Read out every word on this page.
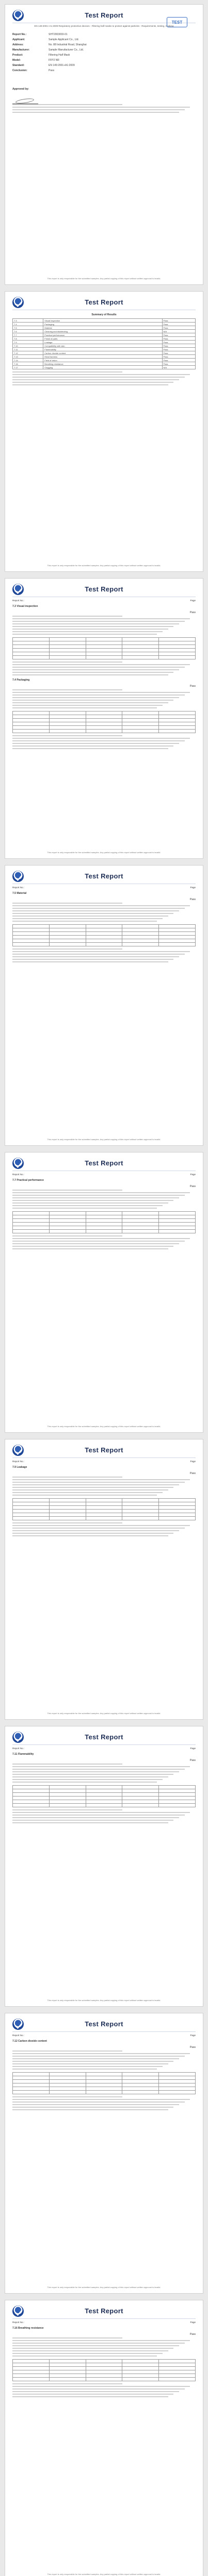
Test Report
EN 149:2001+A1:2009 Respiratory protective devices - Filtering half masks to protect against particles - Requirements, testing, marking
TEST
Report No.:	SHT2003003-01
Applicant:	Sample Applicant Co., Ltd.
Address:	No. 88 Industrial Road, Shanghai
Manufacturer:	Sample Manufacturer Co., Ltd.
Product:	Filtering Half Mask
Model:	FFP2 NR
Standard:	EN 149:2001+A1:2009
Conclusion:	Pass
Approved by:
This report is only responsible for the submitted samples. Any partial copying of this report without written approval is invalid.
Test Report
Summary of Results
7.3	Visual inspection	Pass
7.4	Packaging	Pass
7.5	Material	Pass
7.6	Cleaning and disinfecting	N/A
7.7	Practical performance	Pass
7.8	Finish of parts	Pass
7.9	Leakage	Pass
7.10	Compatibility with skin	Pass
7.11	Flammability	Pass
7.12	Carbon dioxide content	Pass
7.13	Head harness	Pass
7.14	Field of vision	Pass
7.16	Breathing resistance	Pass
7.17	Clogging	N/A
This report is only responsible for the submitted samples. Any partial copying of this report without written approval is invalid.
Test Report
Report No.:	Page
7.3 Visual inspection
Pass

7.4 Packaging
Pass

This report is only responsible for the submitted samples. Any partial copying of this report without written approval is invalid.
Test Report
Report No.:	Page
7.5 Material
Pass

This report is only responsible for the submitted samples. Any partial copying of this report without written approval is invalid.
Test Report
Report No.:	Page
7.7 Practical performance
Pass

This report is only responsible for the submitted samples. Any partial copying of this report without written approval is invalid.
Test Report
Report No.:	Page
7.9 Leakage
Pass

This report is only responsible for the submitted samples. Any partial copying of this report without written approval is invalid.
Test Report
Report No.:	Page
7.11 Flammability
Pass

This report is only responsible for the submitted samples. Any partial copying of this report without written approval is invalid.
Test Report
Report No.:	Page
7.12 Carbon dioxide content
Pass

This report is only responsible for the submitted samples. Any partial copying of this report without written approval is invalid.
Test Report
Report No.:	Page
7.16 Breathing resistance
Pass

This report is only responsible for the submitted samples. Any partial copying of this report without written approval is invalid.
